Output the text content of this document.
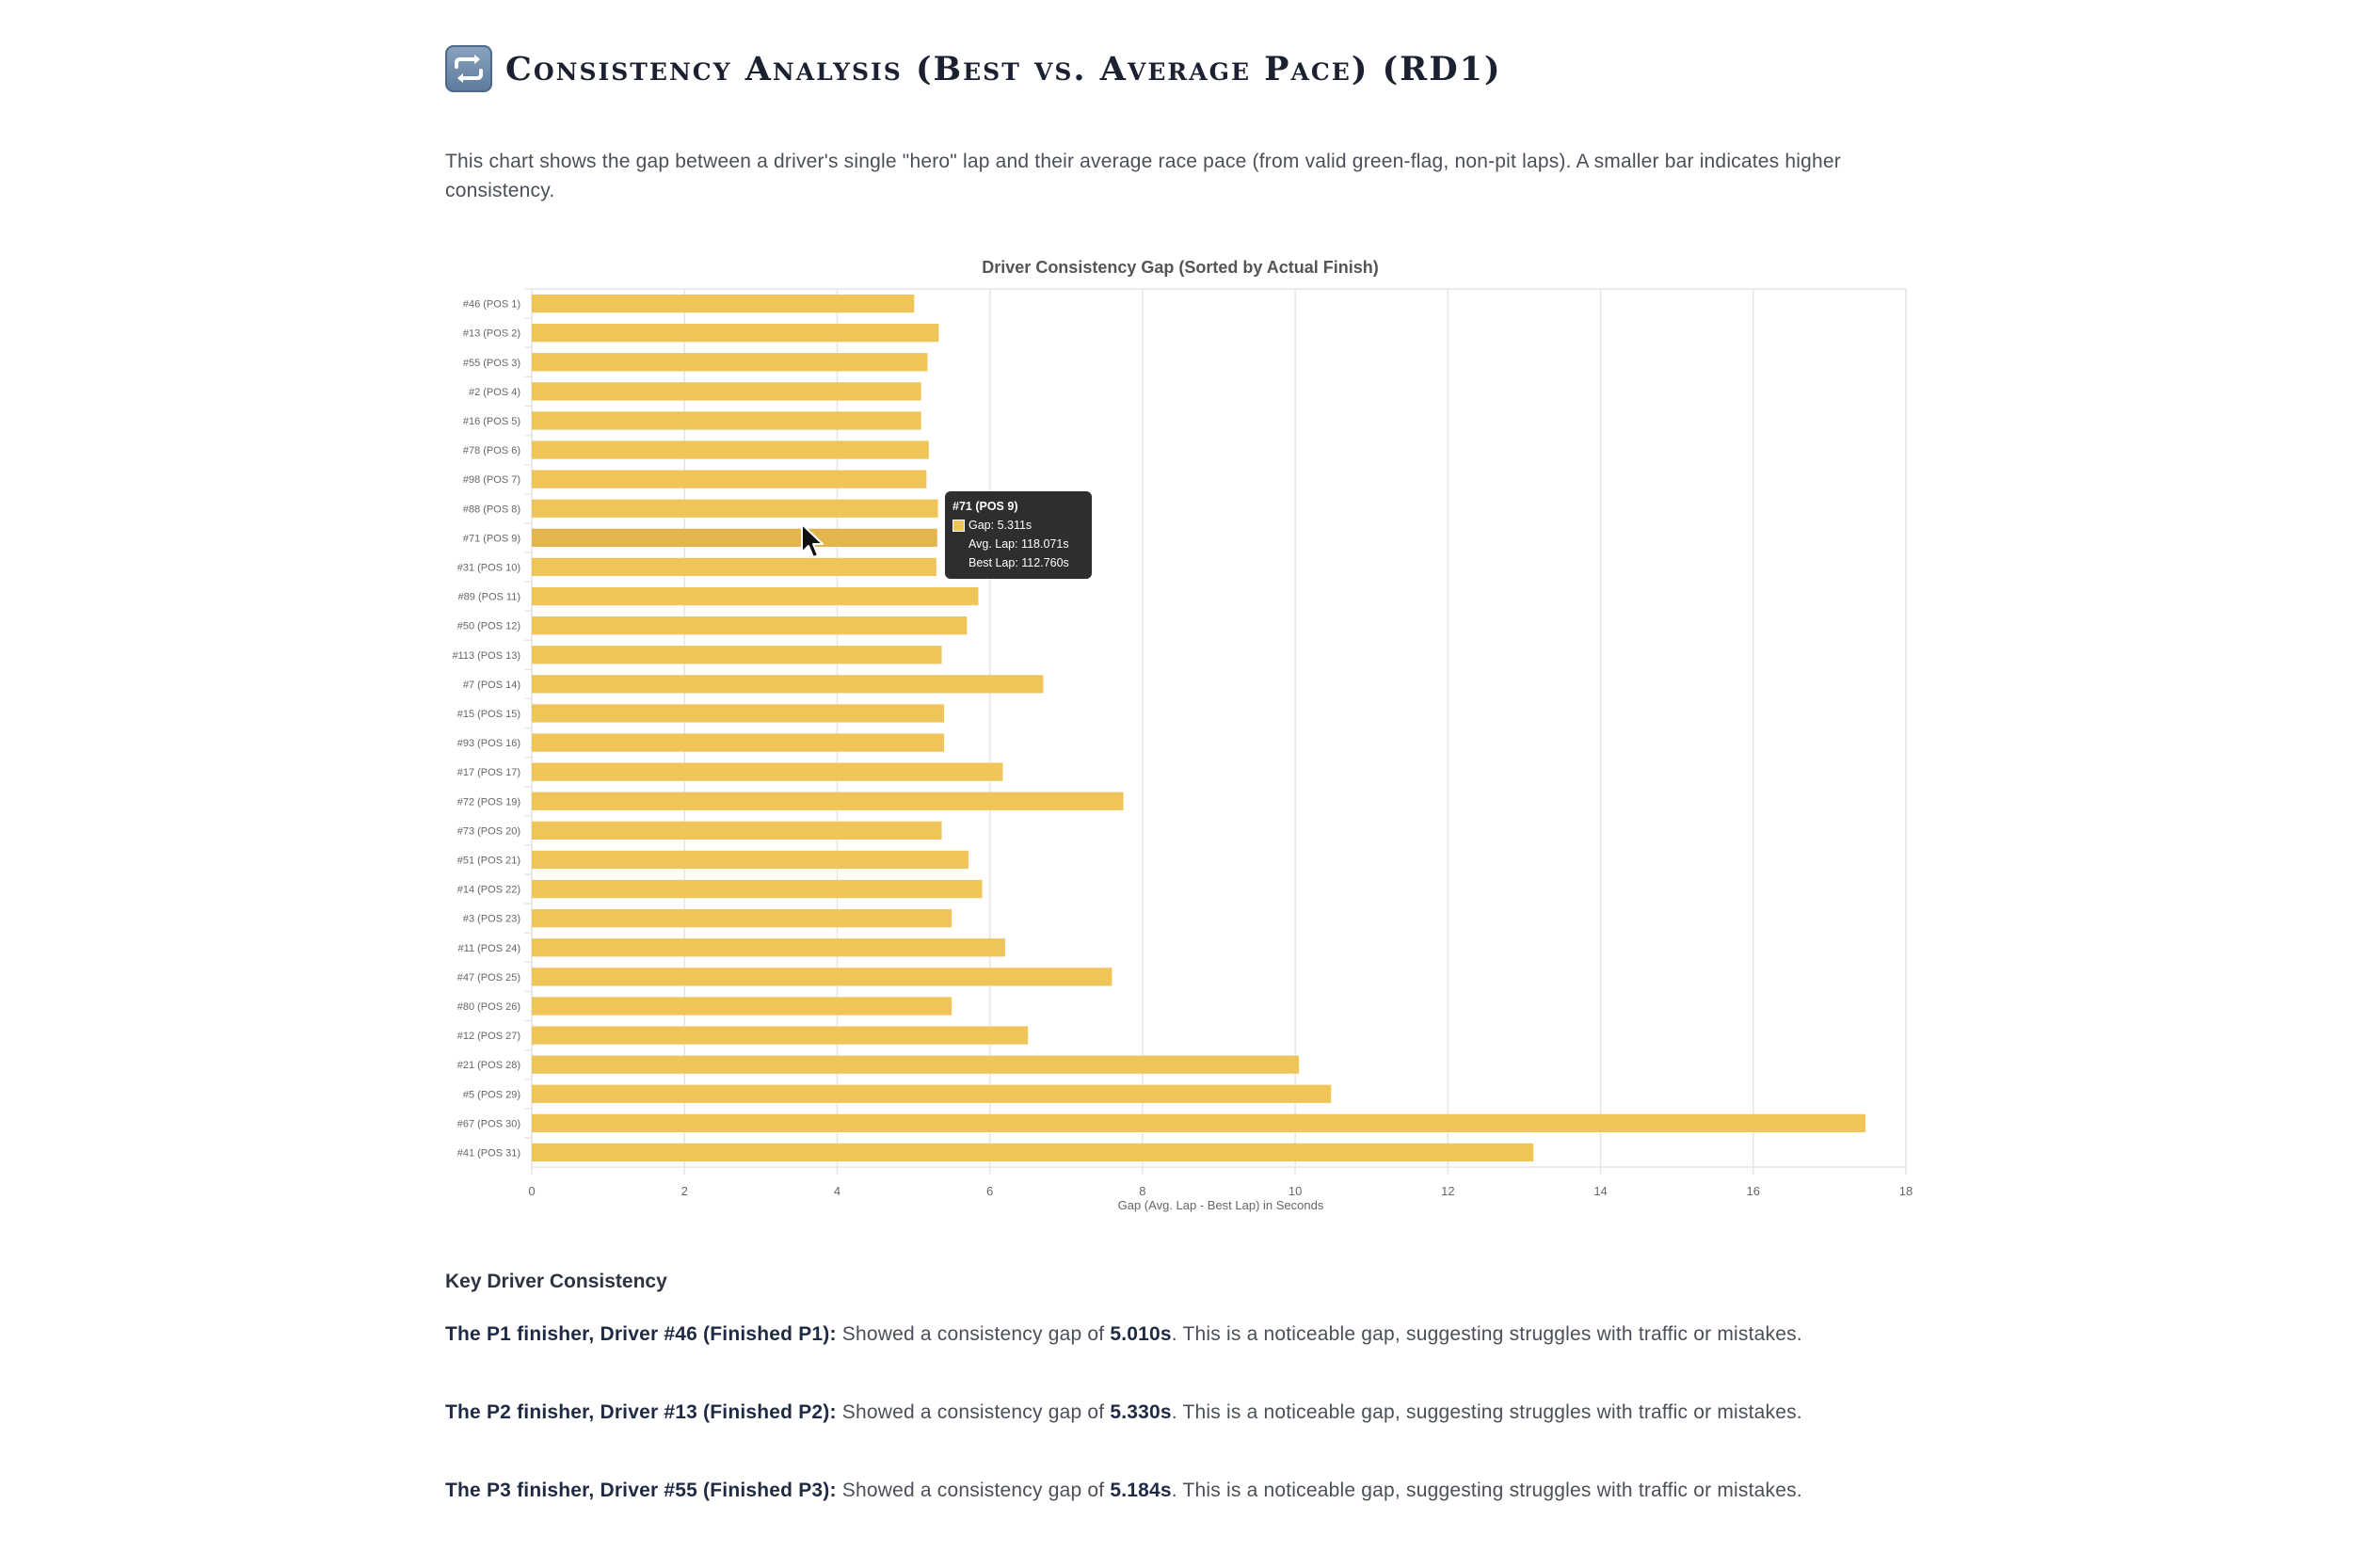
Consistency Analysis (Best vs. Average Pace) (RD1)
This chart shows the gap between a driver's single "hero" lap and their average race pace (from valid green-flag, non-pit laps). A smaller bar indicates higher consistency.
Driver Consistency Gap (Sorted by Actual Finish)
#46 (POS 1)
#13 (POS 2)
#55 (POS 3)
#2 (POS 4)
#16 (POS 5)
#78 (POS 6)
#98 (POS 7)
#88 (POS 8)
#71 (POS 9)
#31 (POS 10)
#89 (POS 11)
#50 (POS 12)
#113 (POS 13)
#7 (POS 14)
#15 (POS 15)
#93 (POS 16)
#17 (POS 17)
#72 (POS 19)
#73 (POS 20)
#51 (POS 21)
#14 (POS 22)
#3 (POS 23)
#11 (POS 24)
#47 (POS 25)
#80 (POS 26)
#12 (POS 27)
#21 (POS 28)
#5 (POS 29)
#67 (POS 30)
#41 (POS 31)
0	2	4	6	8	10	12	14	16	18
Gap (Avg. Lap - Best Lap) in Seconds
#71 (POS 9)
Gap: 5.311s
Avg. Lap: 118.071s
Best Lap: 112.760s
Key Driver Consistency
The P1 finisher, Driver #46 (Finished P1): Showed a consistency gap of 5.010s. This is a noticeable gap, suggesting struggles with traffic or mistakes.
The P2 finisher, Driver #13 (Finished P2): Showed a consistency gap of 5.330s. This is a noticeable gap, suggesting struggles with traffic or mistakes.
The P3 finisher, Driver #55 (Finished P3): Showed a consistency gap of 5.184s. This is a noticeable gap, suggesting struggles with traffic or mistakes.
